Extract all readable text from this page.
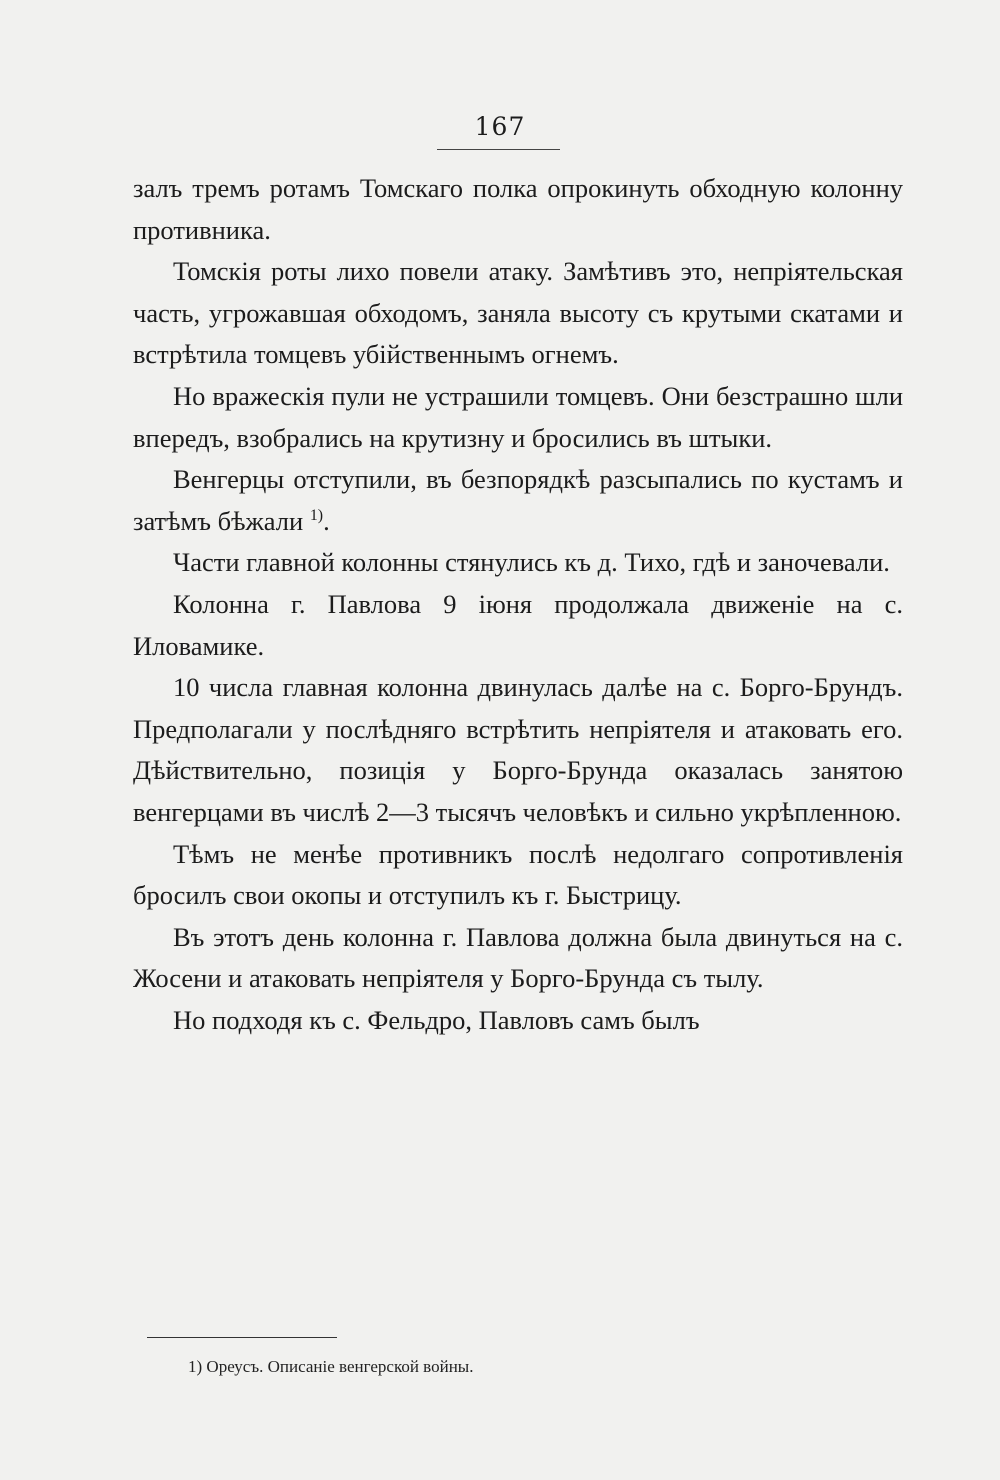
167

залъ тремъ ротамъ Томскаго полка опрокинуть обходную колонну противника.

Томскія роты лихо повели атаку. Замѣтивъ это, непріятельская часть, угрожавшая обходомъ, заняла высоту съ крутыми скатами и встрѣтила томцевъ убійственнымъ огнемъ.

Но вражескія пули не устрашили томцевъ. Они безстрашно шли впередъ, взобрались на крутизну и бросились въ штыки.

Венгерцы отступили, въ безпорядкѣ разсыпались по кустамъ и затѣмъ бѣжали $^{1)}$.

Части главной колонны стянулись къ д. Тихо, гдѣ и заночевали.

Колонна г. Павлова 9 іюня продолжала движеніе на с. Иловамике.

10 числа главная колонна двинулась далѣе на с. Борго-Брундъ. Предполагали у послѣдняго встрѣтить непріятеля и атаковать его. Дѣйствительно, позиція у Борго-Брунда оказалась занятою венгерцами въ числѣ 2—3 тысячъ человѣкъ и сильно укрѣпленною.

Тѣмъ не менѣе противникъ послѣ недолгаго сопротивленія бросилъ свои окопы и отступилъ къ г. Быстрицу.

Въ этотъ день колонна г. Павлова должна была двинуться на с. Жосени и атаковать непріятеля у Борго-Брунда съ тылу.

Но подходя къ с. Фельдро, Павловъ самъ былъ

1) Ореусъ. Описаніе венгерской войны.
